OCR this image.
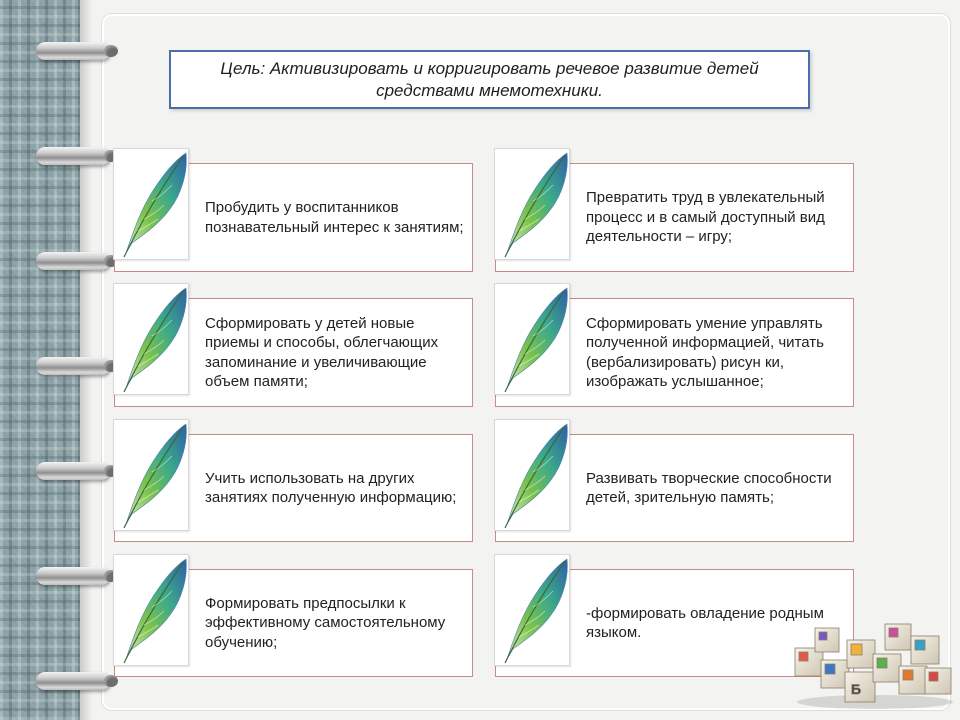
Цель: Активизировать и корригировать речевое развитие детей средствами мнемотехники.
Пробудить у воспитанников познавательный интерес к занятиям;
Превратить труд в увлекательный процесс и в самый доступный вид деятельности – игру;
Сформировать у детей новые приемы и способы, облегчающих запоминание и увеличивающие объем памяти;
Сформировать умение управлять полученной информацией, читать (вербализировать) рисун ки, изображать услышанное;
Учить использовать на других занятиях полученную информацию;
Развивать творческие способности детей, зрительную память;
Формировать предпосылки к эффективному самостоятельному обучению;
-формировать овладение родным языком.
Б
